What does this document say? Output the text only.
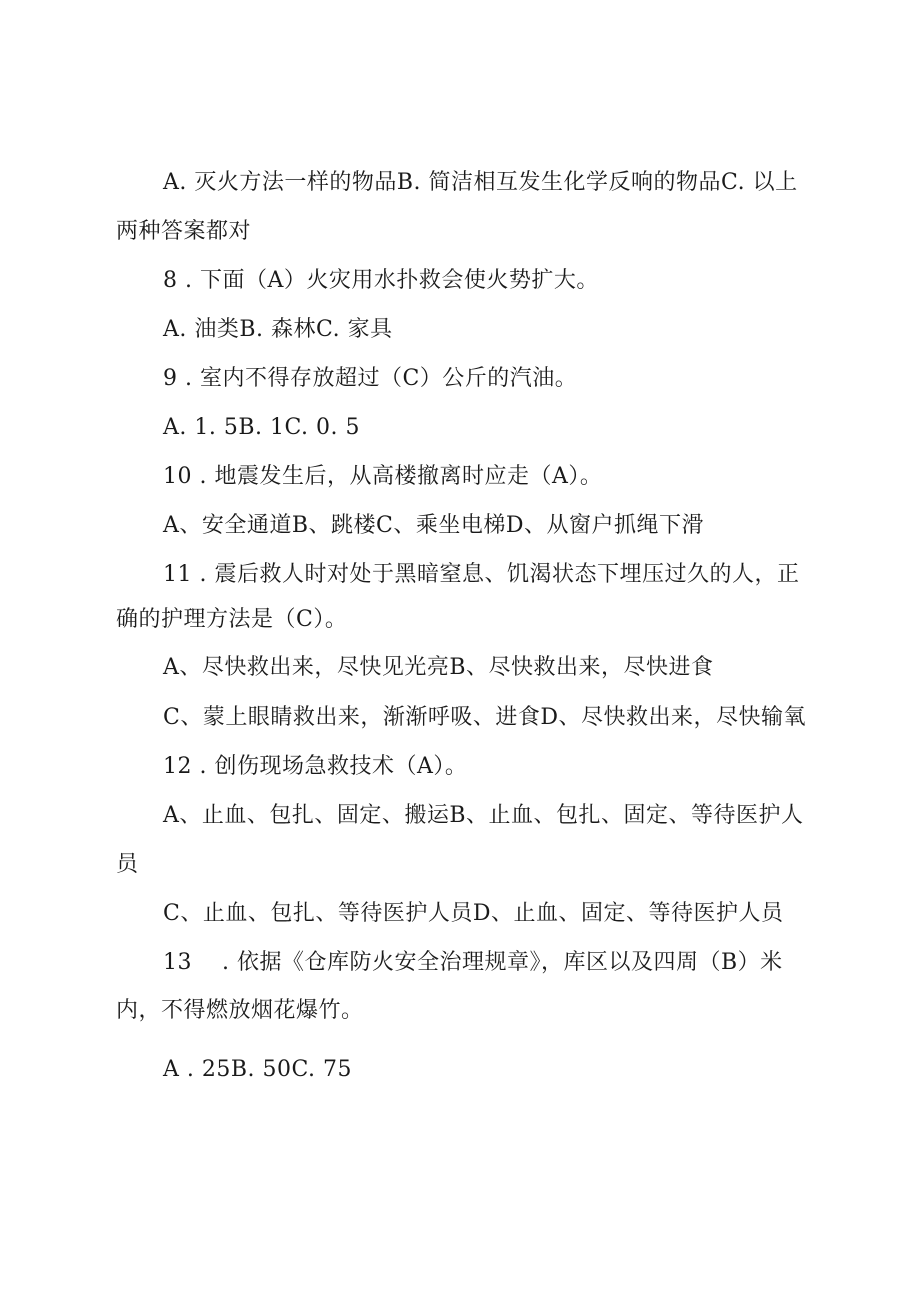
A. 灭火方法一样的物品B. 简洁相互发生化学反响的物品C. 以上
两种答案都对
8 . 下面（A）火灾用水扑救会使火势扩大。
A. 油类B. 森林C. 家具
9 . 室内不得存放超过（C）公斤的汽油。
A. 1. 5B. 1C. 0. 5
10 . 地震发生后，从高楼撤离时应走（A）。
A、安全通道B、跳楼C、乘坐电梯D、从窗户抓绳下滑
11 . 震后救人时对处于黑暗窒息、饥渴状态下埋压过久的人，正
确的护理方法是（C）。
A、尽快救出来，尽快见光亮B、尽快救出来，尽快进食
C、蒙上眼睛救出来，渐渐呼吸、进食D、尽快救出来，尽快输氧
12 . 创伤现场急救技术（A）。
A、止血、包扎、固定、搬运B、止血、包扎、固定、等待医护人
员
C、止血、包扎、等待医护人员D、止血、固定、等待医护人员
13　 . 依据《仓库防火安全治理规章》，库区以及四周（B）米
内，不得燃放烟花爆竹。
A . 25B. 50C. 75
